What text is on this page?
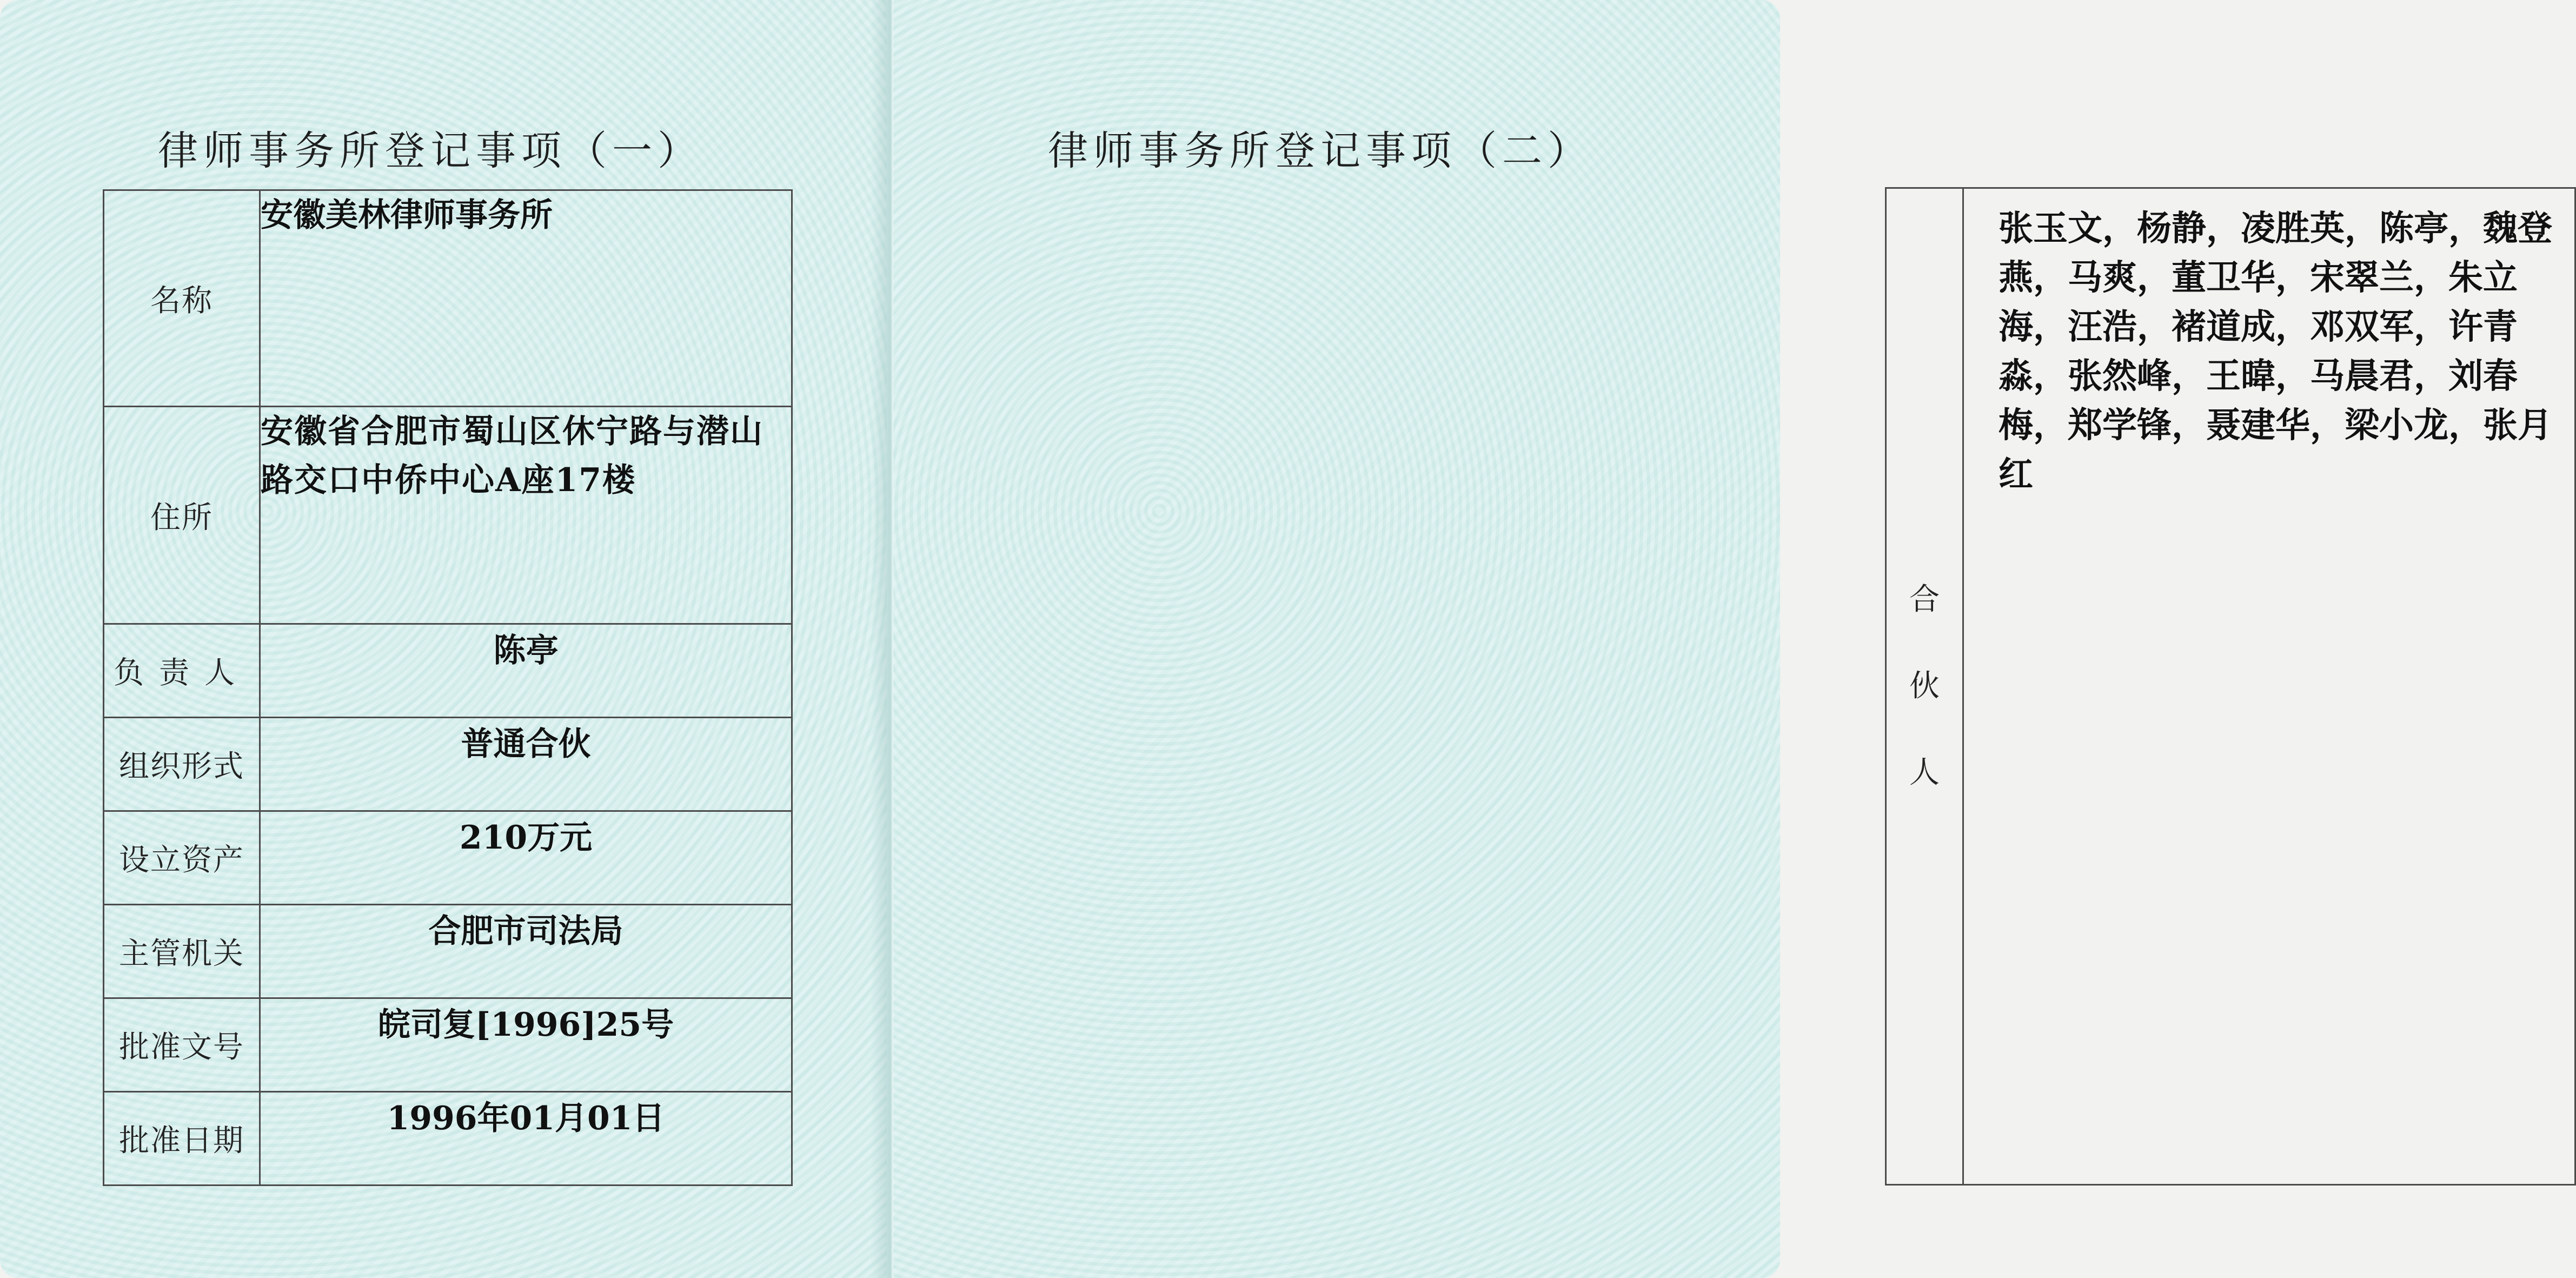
律师事务所登记事项（一）
名称	安徽美林律师事务所
住所	安徽省合肥市蜀山区休宁路与潜山路交口中侨中心A座17楼
负责人	陈亭
组织形式	普通合伙
设立资产	210万元
主管机关	合肥市司法局
批准文号	皖司复[1996]25号
批准日期	1996年01月01日
律师事务所登记事项（二）
合
伙
人
	张玉文，杨静，凌胜英，陈亭，魏登燕，马爽，董卫华，宋翠兰，朱立海，汪浩，褚道成，邓双军，许青淼，张然峰，王暐，马晨君，刘春梅，郑学锋，聂建华，梁小龙，张月红
